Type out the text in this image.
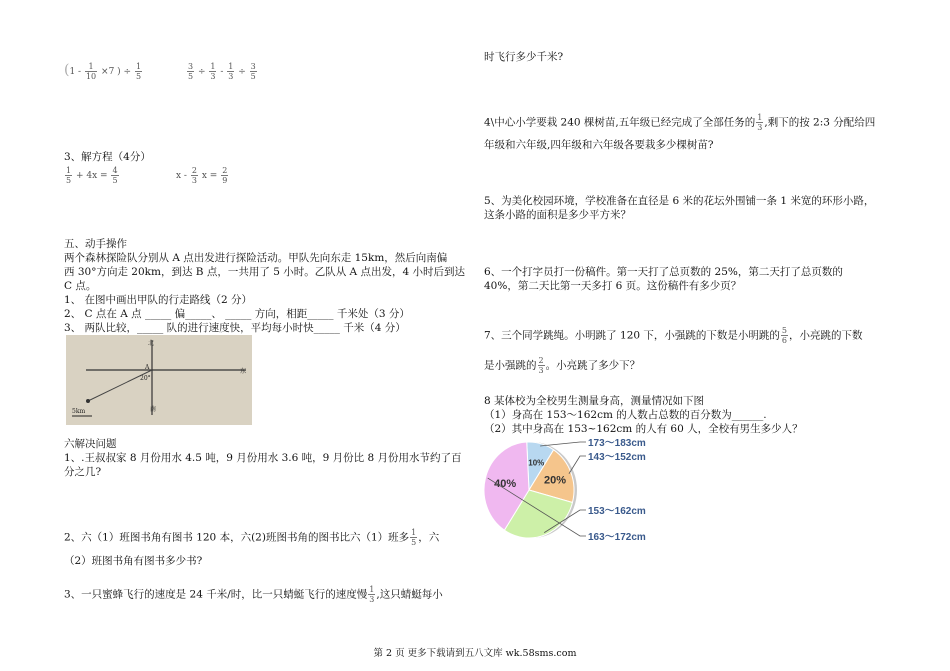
($1 - \frac{1}{10} \times 7$ ) ÷ $\frac{1}{5}$	$\frac{3}{5} \div \frac{1}{3} - \frac{1}{3} \div \frac{3}{5}$
3、解方程（4分）
$\frac{1}{5} + 4x = \frac{4}{5}$	x - $\frac{2}{3}$ $x = \frac{2}{9}$
五、动手操作
两个森林探险队分别从 A 点出发进行探险活动。甲队先向东走 15km，然后向南偏
西 30°方向走 20km，到达 B 点，一共用了 5 小时。乙队从 A 点出发，4 小时后到达
C 点。
1、 在图中画出甲队的行走路线（2 分）
2、 C 点在 A 点 _____ 偏_____、 _____ 方向，相距_____ 千米处（3 分）
3、 两队比较，_____ 队的进行速度快，平均每小时快_____ 千米（4 分）
北
东
南
A
20°
5km
六解决问题
1、.王叔叔家 8 月份用水 4.5 吨，9 月份用水 3.6 吨，9 月份比 8 月份用水节约了百
分之几?
2、六（1）班图书角有图书 120 本，六(2)班图书角的图书比六（1）班多 $\frac{1}{5}$ ，六
（2）班图书角有图书多少书?
3、一只蜜蜂飞行的速度是 24 千米/时，比一只蜻蜓飞行的速度慢 $\frac{1}{3}$ ,这只蜻蜓每小
时飞行多少千米?
4\中心小学要栽 240 棵树苗,五年级已经完成了全部任务的 $\frac{1}{3}$ ,剩下的按 2:3 分配给四
年级和六年级,四年级和六年级各要栽多少棵树苗?
5、为美化校园环境，学校准备在直径是 6 米的花坛外围铺一条 1 米宽的环形小路，
这条小路的面积是多少平方米？
6、一个打字员打一份稿件。第一天打了总页数的 25%，第二天打了总页数的
40%，第二天比第一天多打 6 页。这份稿件有多少页？
7、三个同学跳绳。小明跳了 120 下，小强跳的下数是小明跳的 $\frac{5}{6}$ ，小亮跳的下数
是小强跳的 $\frac{2}{3}$ 。小亮跳了多少下？
8 某体校为全校男生测量身高，测量情况如下图
（1）身高在 153～162cm 的人数占总数的百分数为______.
（2）其中身高在 153~162cm 的人有 60 人，全校有男生多少人？
10%
173～183cm
20%
143～152cm
153～162cm
40%
163～172cm
第 2 页 更多下载请到五八文库 wk.58sms.com
